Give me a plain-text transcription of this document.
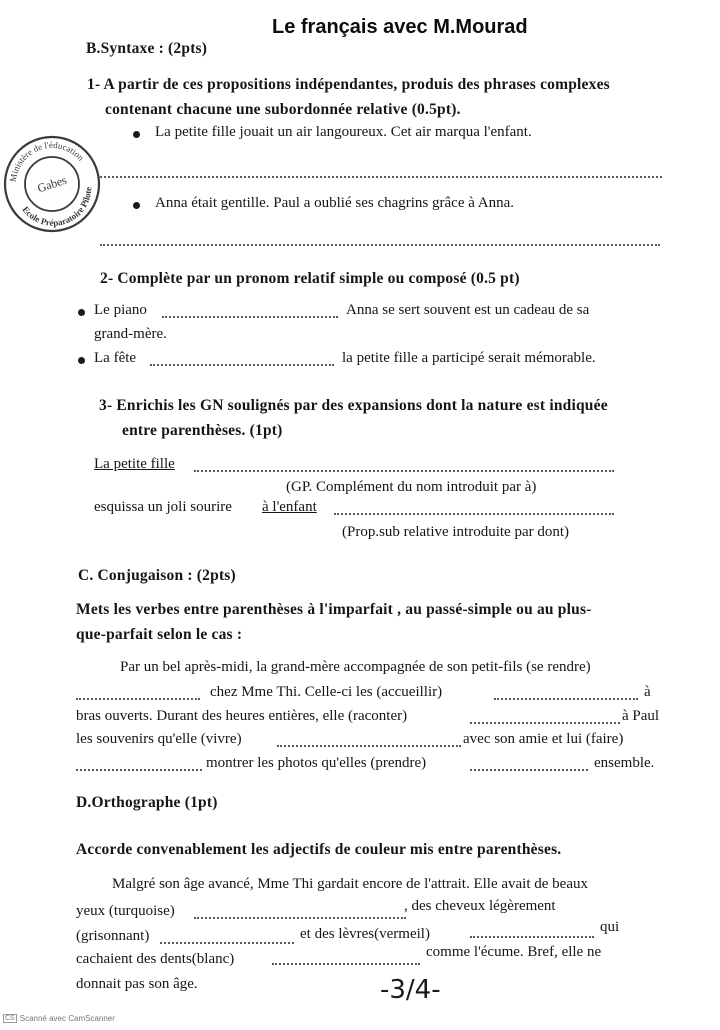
Le français avec M.Mourad
Ministère de l'éducation
Ecole Préparatoire Pilote
Gabes
B.Syntaxe : (2pts)
1- A partir de ces propositions indépendantes, produis des phrases complexes
contenant chacune une subordonnée relative (0.5pt).
La petite fille jouait un air langoureux. Cet air marqua l'enfant.
Anna était gentille. Paul a oublié ses chagrins grâce à Anna.
2- Complète par un pronom relatif simple ou composé (0.5 pt)
Le piano	Anna se sert souvent est un cadeau de sa
grand-mère.
La fête	la petite fille a participé serait mémorable.
3- Enrichis les GN soulignés par des expansions dont la nature est indiquée
entre parenthèses. (1pt)
La petite fille
(GP. Complément du nom introduit par à)
esquissa un joli sourire à l'enfant
(Prop.sub relative introduite par dont)
C. Conjugaison : (2pts)
Mets les verbes entre parenthèses à l'imparfait , au passé-simple ou au plus-
que-parfait selon le cas :
Par un bel après-midi, la grand-mère accompagnée de son petit-fils (se rendre)
chez Mme Thi. Celle-ci les (accueillir)	à
bras ouverts. Durant des heures entières, elle (raconter)	à Paul
les souvenirs qu'elle (vivre)	avec son amie et lui (faire)
montrer les photos qu'elles (prendre)	ensemble.
D.Orthographe (1pt)
Accorde convenablement les adjectifs de couleur mis entre parenthèses.
Malgré son âge avancé, Mme Thi gardait encore de l'attrait. Elle avait de beaux
yeux (turquoise)	, des cheveux légèrement
(grisonnant)	et des lèvres(vermeil)	qui
cachaient des dents(blanc)	comme l'écume. Bref, elle ne
donnait pas son âge.	-3/4-
CS Scanné avec CamScanner
